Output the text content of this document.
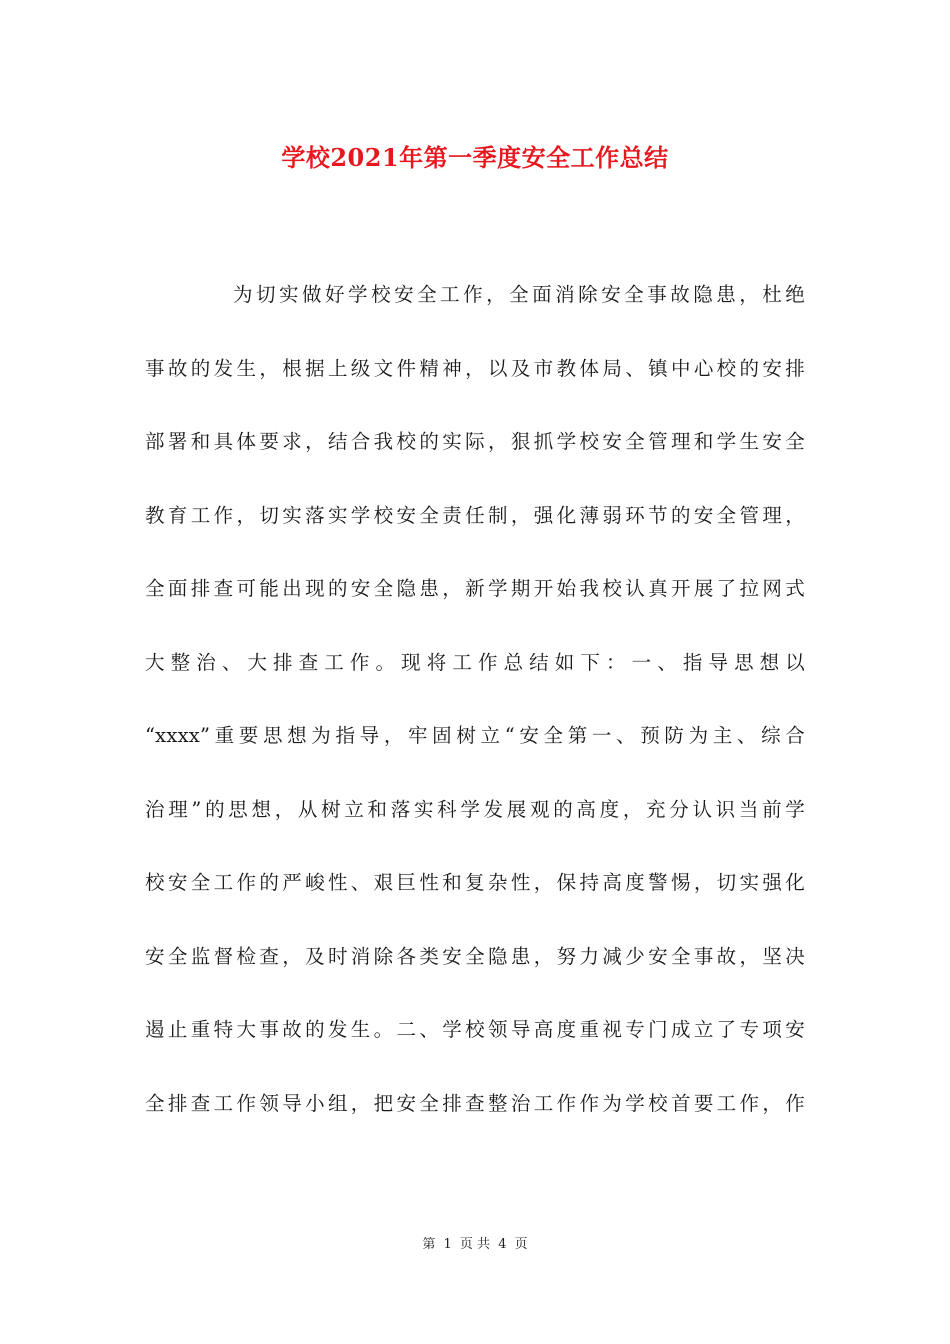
学校2021年第一季度安全工作总结
为切实做好学校安全工作，全面消除安全事故隐患，杜绝
事故的发生，根据上级文件精神，以及市教体局、镇中心校的安排
部署和具体要求，结合我校的实际，狠抓学校安全管理和学生安全
教育工作，切实落实学校安全责任制，强化薄弱环节的安全管理，
全面排查可能出现的安全隐患，新学期开始我校认真开展了拉网式
大整治、大排查工作。现将工作总结如下：一、指导思想以
“xxxx”重要思想为指导，牢固树立“安全第一、预防为主、综合
治理”的思想，从树立和落实科学发展观的高度，充分认识当前学
校安全工作的严峻性、艰巨性和复杂性，保持高度警惕，切实强化
安全监督检查，及时消除各类安全隐患，努力减少安全事故，坚决
遏止重特大事故的发生。二、学校领导高度重视专门成立了专项安
全排查工作领导小组，把安全排查整治工作作为学校首要工作，作
第 1 页 共 4 页
